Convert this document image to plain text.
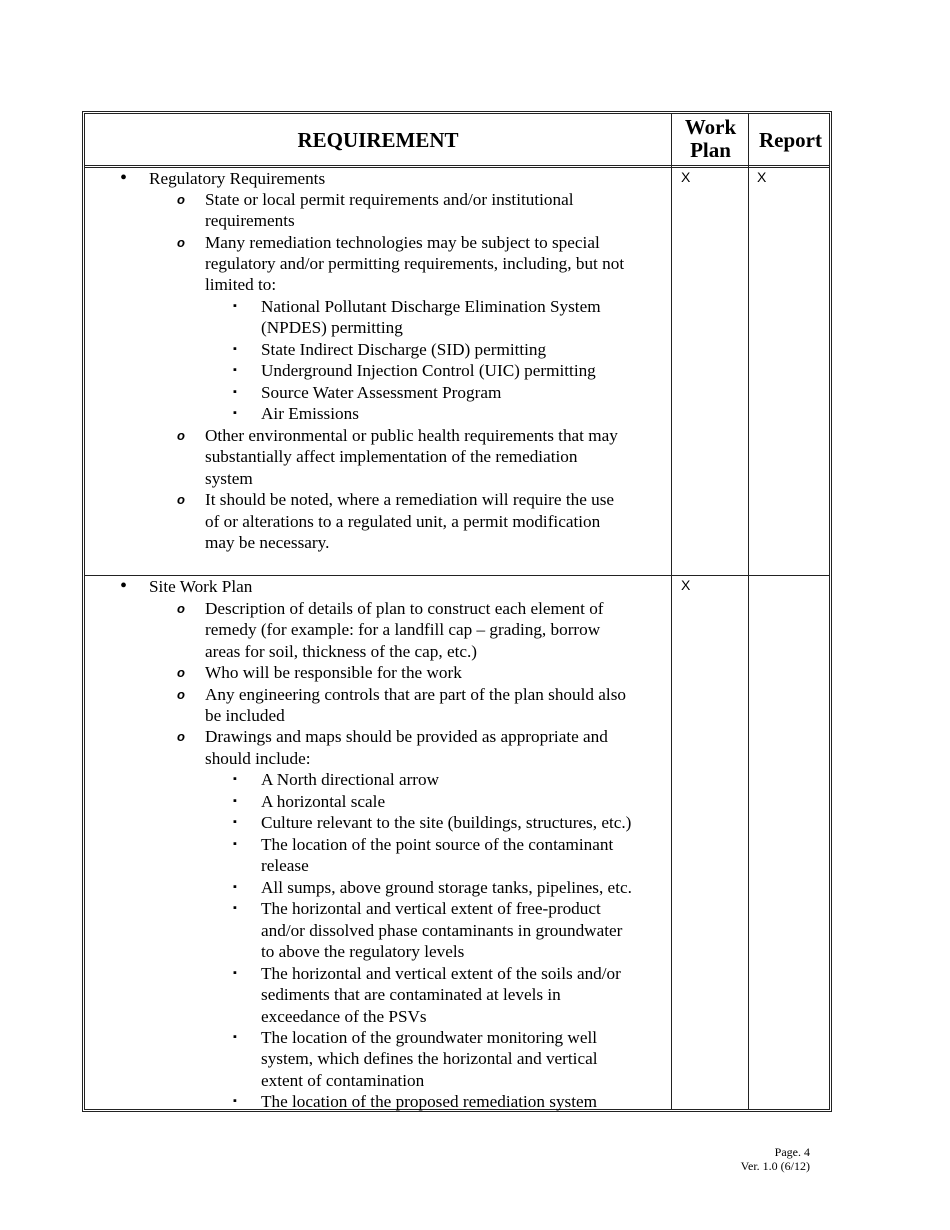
REQUIREMENT
Work
Plan	Report
X	X
• Regulatory Requirements
o State or local permit requirements and/or institutional
requirements
o Many remediation technologies may be subject to special
regulatory and/or permitting requirements, including, but not
limited to:
▪ National Pollutant Discharge Elimination System
(NPDES) permitting
▪ State Indirect Discharge (SID) permitting
▪ Underground Injection Control (UIC) permitting
▪ Source Water Assessment Program
▪ Air Emissions
o Other environmental or public health requirements that may
substantially affect implementation of the remediation
system
o It should be noted, where a remediation will require the use
of or alterations to a regulated unit, a permit modification
may be necessary.
X
• Site Work Plan
o Description of details of plan to construct each element of
remedy (for example: for a landfill cap – grading, borrow
areas for soil, thickness of the cap, etc.)
o Who will be responsible for the work
o Any engineering controls that are part of the plan should also
be included
o Drawings and maps should be provided as appropriate and
should include:
▪ A North directional arrow
▪ A horizontal scale
▪ Culture relevant to the site (buildings, structures, etc.)
▪ The location of the point source of the contaminant
release
▪ All sumps, above ground storage tanks, pipelines, etc.
▪ The horizontal and vertical extent of free-product
and/or dissolved phase contaminants in groundwater
to above the regulatory levels
▪ The horizontal and vertical extent of the soils and/or
sediments that are contaminated at levels in
exceedance of the PSVs
▪ The location of the groundwater monitoring well
system, which defines the horizontal and vertical
extent of contamination
▪ The location of the proposed remediation system
Page. 4
Ver. 1.0 (6/12)
